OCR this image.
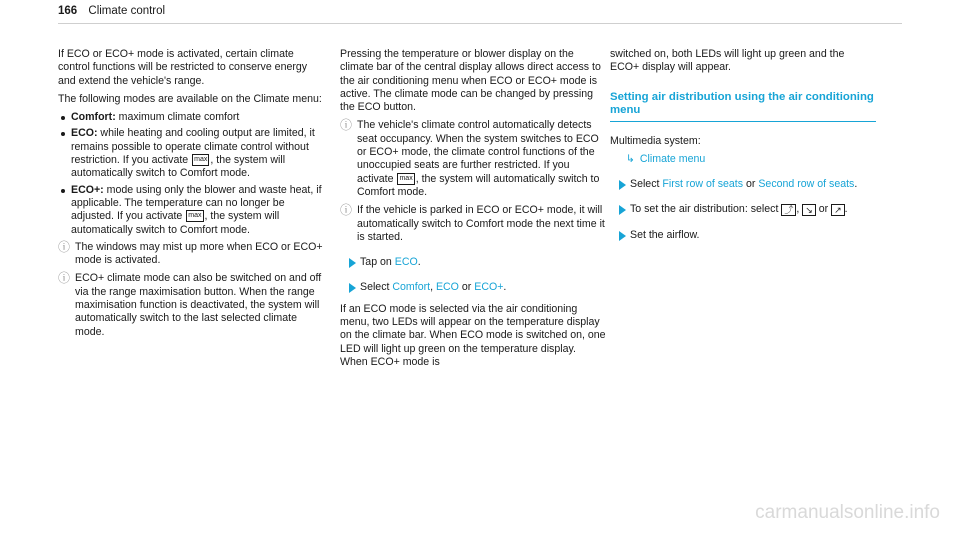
166 Climate control

If ECO or ECO+ mode is activated, certain climate control functions will be restricted to conserve energy and extend the vehicle's range.

The following modes are available on the Climate menu:

Comfort: maximum climate comfort
ECO: while heating and cooling output are limited, it remains possible to operate climate control without restriction. If you activate max , the system will automatically switch to Comfort mode.
ECO+: mode using only the blower and waste heat, if applicable. The temperature can no longer be adjusted. If you activate max , the system will automatically switch to Comfort mode.
ⓘ The windows may mist up more when ECO or ECO+ mode is activated.
ⓘ ECO+ climate mode can also be switched on and off via the range maximisation button. When the range maximisation function is deactivated, the system will automatically switch to the last selected climate mode.

Pressing the temperature or blower display on the climate bar of the central display allows direct access to the air conditioning menu when ECO or ECO+ mode is active. The climate mode can be changed by pressing the ECO button.

ⓘ The vehicle's climate control automatically detects seat occupancy. When the system switches to ECO or ECO+ mode, the climate control functions of the unoccupied seats are further restricted. If you activate max , the system will automatically switch to Comfort mode.
ⓘ If the vehicle is parked in ECO or ECO+ mode, it will automatically switch to Comfort mode the next time it is started.
Tap on ECO.
Select Comfort, ECO or ECO+.

If an ECO mode is selected via the air conditioning menu, two LEDs will appear on the temperature display on the climate bar. When ECO mode is switched on, one LED will light up green on the temperature display. When ECO+ mode is

switched on, both LEDs will light up green and the ECO+ display will appear.

Setting air distribution using the air conditioning menu

Multimedia system:

↳ Climate menu
Select First row of seats or Second row of seats.
To set the air distribution: select ⤴ , ↘ or ↗ .
Set the airflow.
carmanualsonline.info
